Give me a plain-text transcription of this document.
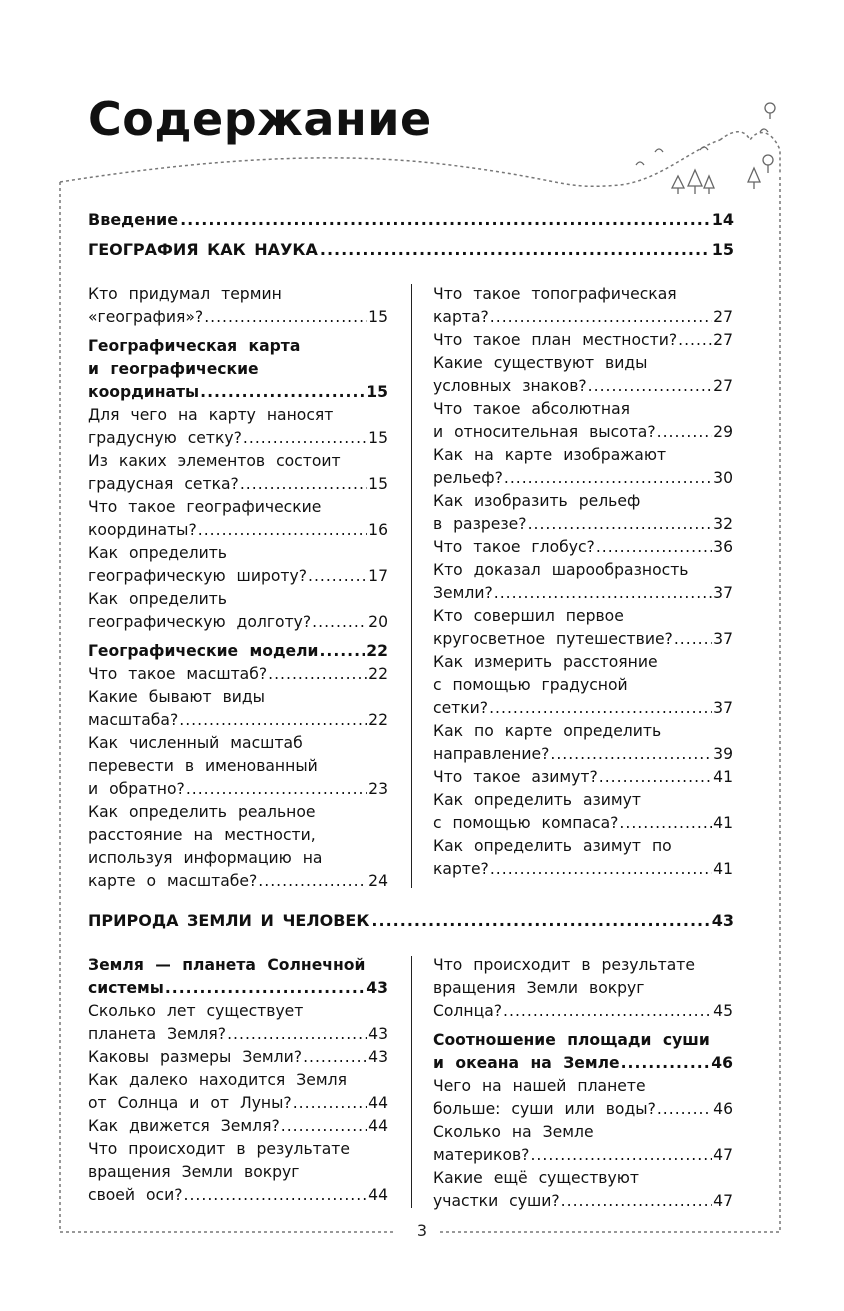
Содержание
Введение .....	14
ГЕОГРАФИЯ КАК НАУКА .....	15
Кто придумал термин
«география»? .....	15
Географическая карта
и географические
координаты .....	15
Для чего на карту наносят
градусную сетку? .....	15
Из каких элементов состоит
градусная сетка? .....	15
Что такое географические
координаты? .....	16
Как определить
географическую широту? .....	17
Как определить
географическую долготу? .....	20
Географические модели .....	22
Что такое масштаб? .....	22
Какие бывают виды
масштаба? .....	22
Как численный масштаб
перевести в именованный
и обратно? .....	23
Как определить реальное
расстояние на местности,
используя информацию на
карте о масштабе? .....	24
Что такое топографическая
карта? .....	27
Что такое план местности? ..... 27
Какие существуют виды
условных знаков? .....	27
Что такое абсолютная
и относительная высота? .....	29
Как на карте изображают
рельеф? .....	30
Как изобразить рельеф
в разрезе? .....	32
Что такое глобус? .....	36
Кто доказал шарообразность
Земли? .....	37
Кто совершил первое
кругосветное путешествие? .....	37
Как измерить расстояние
с помощью градусной
сетки? .....	37
Как по карте определить
направление? .....	39
Что такое азимут? .....	41
Как определить азимут
с помощью компаса? .....	41
Как определить азимут по
карте? .....	41
ПРИРОДА ЗЕМЛИ И ЧЕЛОВЕК .....	43
Земля — планета Солнечной
системы .....	43
Сколько лет существует
планета Земля? .....	43
Каковы размеры Земли? .....	43
Как далеко находится Земля
от Солнца и от Луны? .....	44
Как движется Земля? .....	44
Что происходит в результате
вращения Земли вокруг
своей оси? .....	44
Что происходит в результате
вращения Земли вокруг
Солнца? .....	45
Соотношение площади суши
и океана на Земле .....	46
Чего на нашей планете
больше: суши или воды? .....	46
Сколько на Земле
материков? .....	47
Какие ещё существуют
участки суши? .....	47
3
